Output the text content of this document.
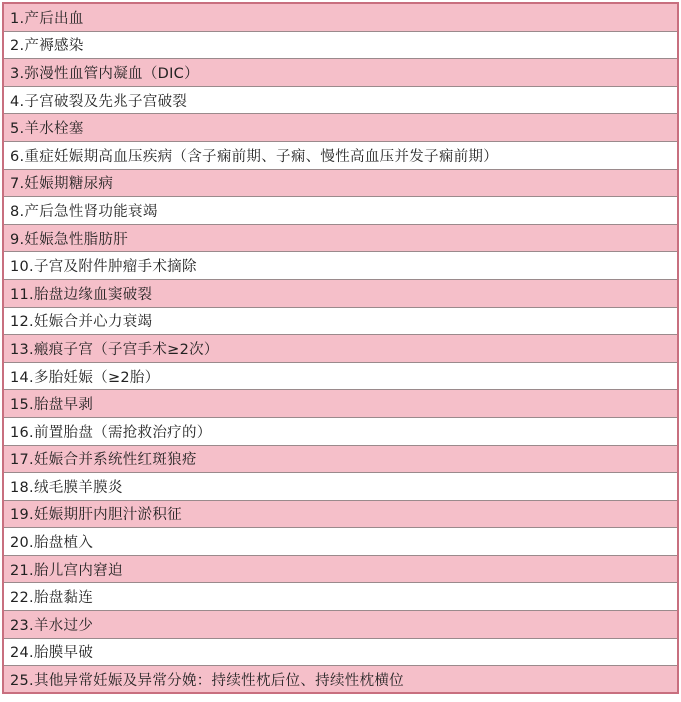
1.产后出血
2.产褥感染
3.弥漫性血管内凝血（DIC）
4.子宫破裂及先兆子宫破裂
5.羊水栓塞
6.重症妊娠期高血压疾病（含子痫前期、子痫、慢性高血压并发子痫前期）
7.妊娠期糖尿病
8.产后急性肾功能衰竭
9.妊娠急性脂肪肝
10.子宫及附件肿瘤手术摘除
11.胎盘边缘血窦破裂
12.妊娠合并心力衰竭
13.瘢痕子宫（子宫手术≥2次）
14.多胎妊娠（≥2胎）
15.胎盘早剥
16.前置胎盘（需抢救治疗的）
17.妊娠合并系统性红斑狼疮
18.绒毛膜羊膜炎
19.妊娠期肝内胆汁淤积征
20.胎盘植入
21.胎儿宫内窘迫
22.胎盘黏连
23.羊水过少
24.胎膜早破
25.其他异常妊娠及异常分娩：持续性枕后位、持续性枕横位
